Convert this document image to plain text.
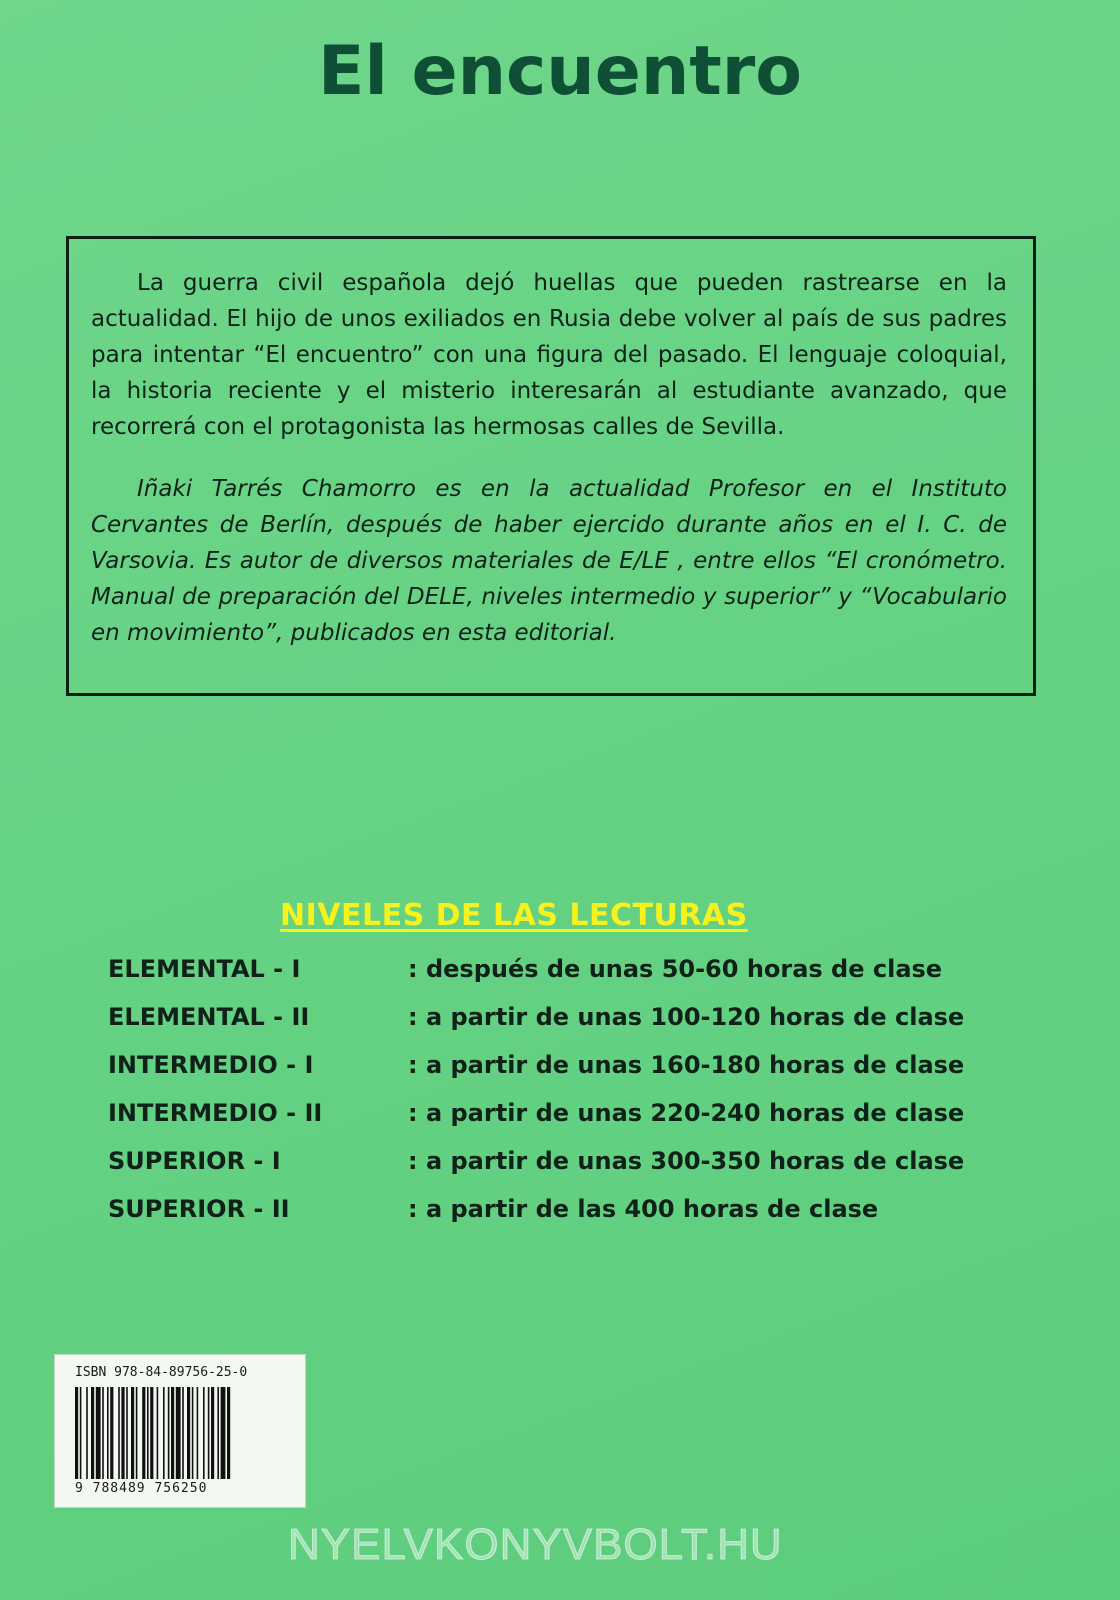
El encuentro

La guerra civil española dejó huellas que pueden rastrearse en la actualidad. El hijo de unos exiliados en Rusia debe volver al país de sus padres para intentar “El encuentro” con una figura del pasado. El lenguaje coloquial, la historia reciente y el misterio interesarán al estudiante avanzado, que recorrerá con el protagonista las hermosas calles de Sevilla.

Iñaki Tarrés Chamorro es en la actualidad Profesor en el Instituto Cervantes de Berlín, después de haber ejercido durante años en el I. C. de Varsovia. Es autor de diversos materiales de E/LE , entre ellos “El cronómetro. Manual de preparación del DELE, niveles intermedio y superior” y “Vocabulario en movimiento”, publicados en esta editorial.

NIVELES DE LAS LECTURAS
ELEMENTAL - I	: después de unas 50-60 horas de clase
ELEMENTAL - II	: a partir de unas 100-120 horas de clase
INTERMEDIO - I	: a partir de unas 160-180 horas de clase
INTERMEDIO - II	: a partir de unas 220-240 horas de clase
SUPERIOR - I	: a partir de unas 300-350 horas de clase
SUPERIOR - II	: a partir de las 400 horas de clase
ISBN 978-84-89756-25-0
9 788489 756250
NYELVKONYVBOLT.HU
